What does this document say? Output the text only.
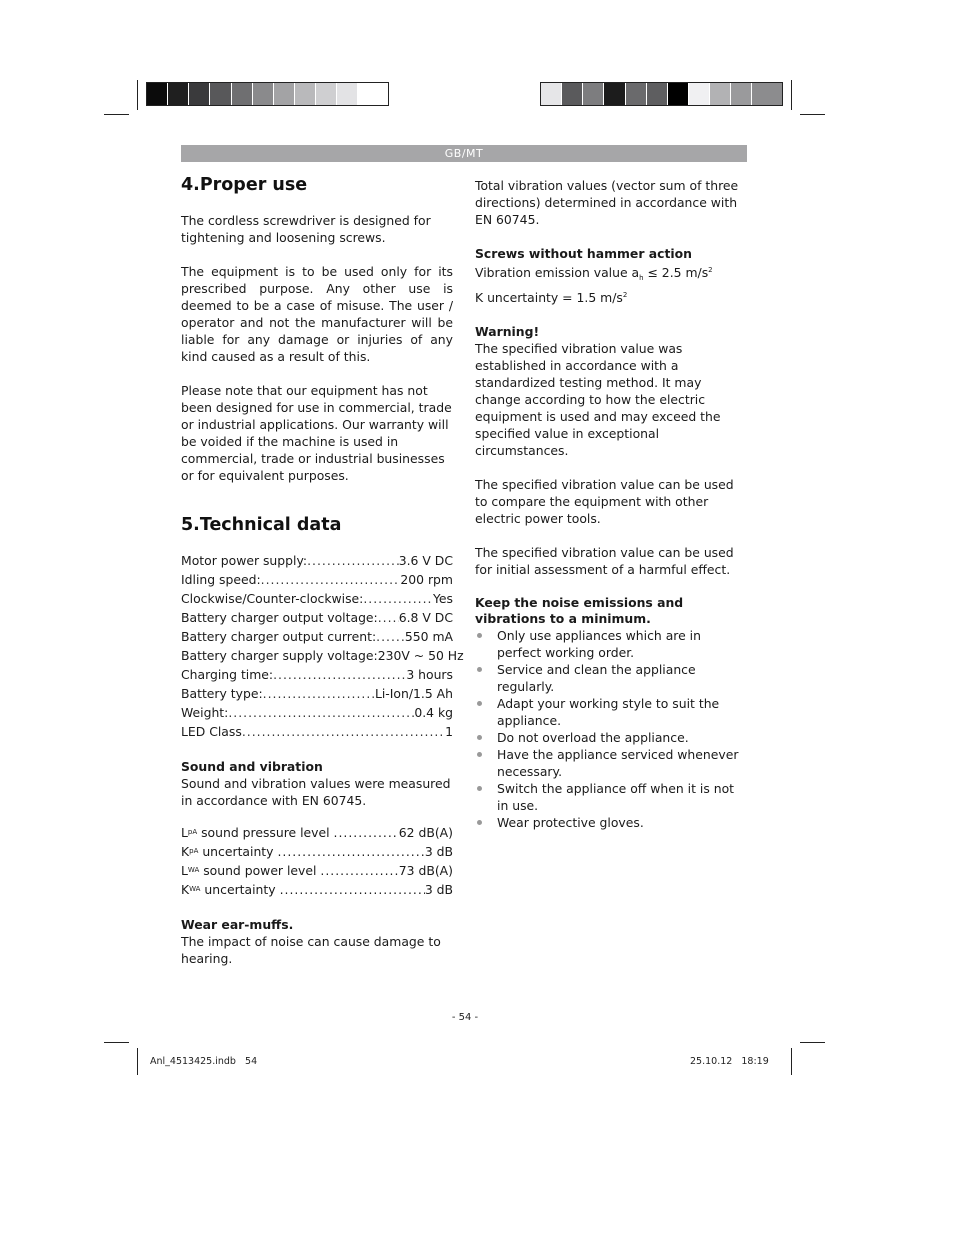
GB/MT
4.Proper use

The cordless screwdriver is designed for tightening and loosening screws.

The equipment is to be used only for its prescribed purpose. Any other use is deemed to be a case of misuse. The user / operator and not the manufacturer will be liable for any damage or injuries of any kind caused as a result of this.

Please note that our equipment has not been designed for use in commercial, trade or industrial applications. Our warranty will be voided if the machine is used in commercial, trade or industrial businesses or for equivalent purposes.

5.Technical data
Motor power supply: .....	3.6 V DC
Idling speed: .....	200 rpm
Clockwise/Counter-clockwise: .....	Yes
Battery charger output voltage: ..... 6.8 V DC
Battery charger output current: ..... 550 mA
Battery charger supply voltage: 230V ~ 50 Hz
Charging time: .....	3 hours
Battery type: .....	Li-Ion/1.5 Ah
Weight: .....	0.4 kg
LED Class .....	1

Sound and vibration

Sound and vibration values were measured in accordance with EN 60745.

L pA
sound pressure level
.....	62 dB(A)
K pA
uncertainty
.....	3 dB
L WA
sound power level
.....	73 dB(A)
K WA
uncertainty
.....	3 dB

Wear ear-muffs.

The impact of noise can cause damage to hearing.

Total vibration values (vector sum of three directions) determined in accordance with EN 60745.

Screws without hammer action

Vibration emission value $a_h \le 2.5$ $m/s^2$

K uncertainty = 1.5 $m/s^2$

Warning!

The specified vibration value was established in accordance with a standardized testing method. It may change according to how the electric equipment is used and may exceed the specified value in exceptional circumstances.

The specified vibration value can be used to compare the equipment with other electric power tools.

The specified vibration value can be used for initial assessment of a harmful effect.

Keep the noise emissions and vibrations to a minimum.

Only use appliances which are in perfect working order.
Service and clean the appliance regularly.
Adapt your working style to suit the appliance.
Do not overload the appliance.
Have the appliance serviced whenever necessary.
Switch the appliance off when it is not in use.
Wear protective gloves.
- 54 -
Anl_4513425.indb   54	25.10.12   18:19
